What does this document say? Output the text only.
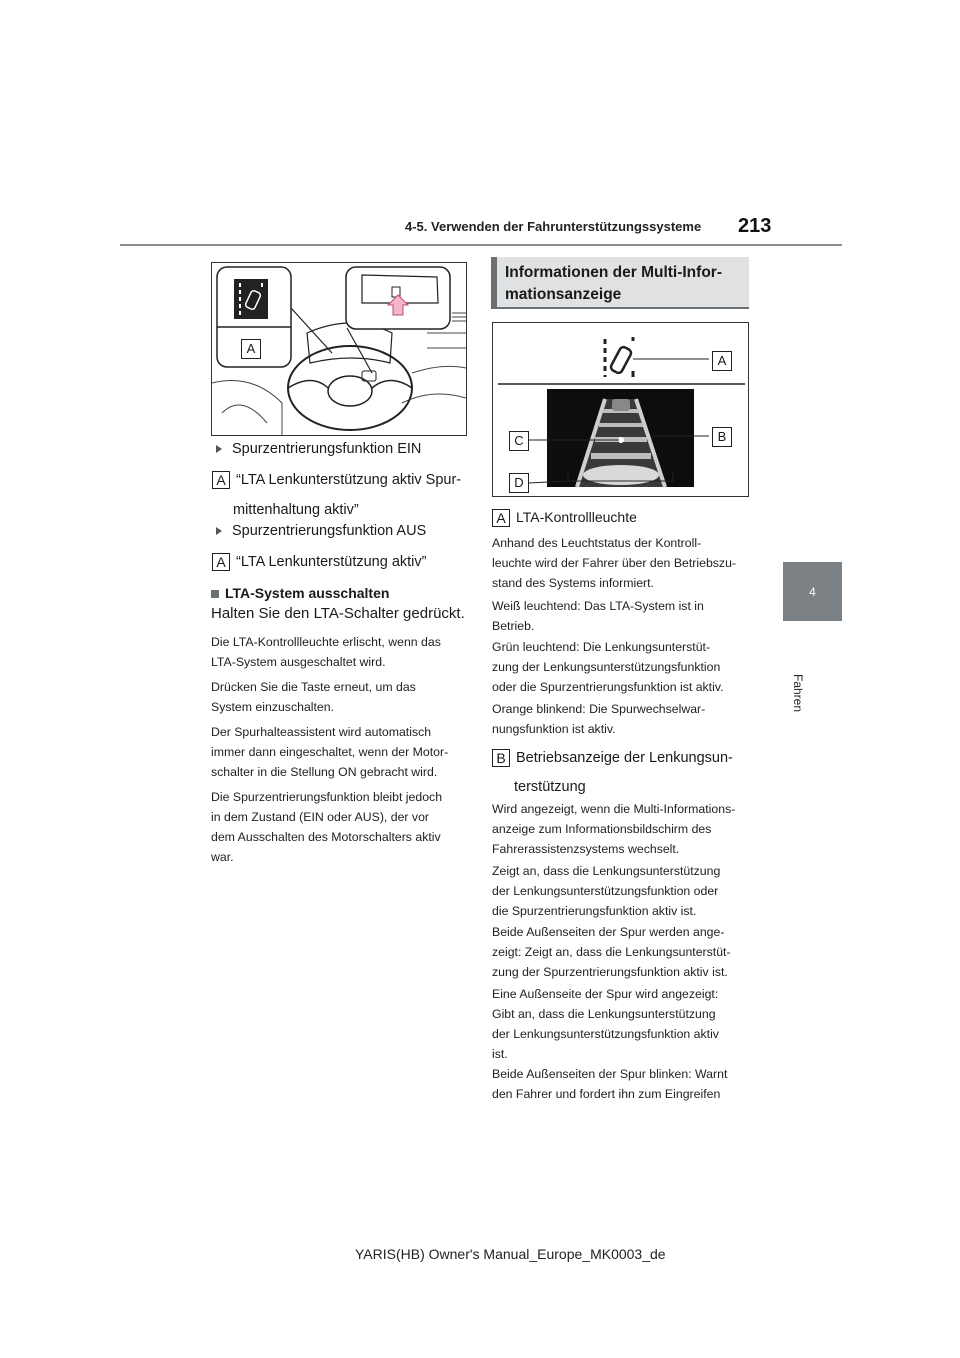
4-5. Verwenden der Fahrunterstützungssysteme 213
4
Fahren
A
Spurzentrierungsfunktion EIN
A “LTA Lenkunterstützung aktiv Spur-
mittenhaltung aktiv”
Spurzentrierungsfunktion AUS
A “LTA Lenkunterstützung aktiv”
LTA-System ausschalten
Halten Sie den LTA-Schalter gedrückt.
Die LTA-Kontrollleuchte erlischt, wenn das
LTA-System ausgeschaltet wird.
Drücken Sie die Taste erneut, um das
System einzuschalten.
Der Spurhalteassistent wird automatisch
immer dann eingeschaltet, wenn der Motor-
schalter in die Stellung ON gebracht wird.
Die Spurzentrierungsfunktion bleibt jedoch
in dem Zustand (EIN oder AUS), der vor
dem Ausschalten des Motorschalters aktiv
war.
Informationen der Multi-Infor-
mationsanzeige
A
B
C
D
A LTA-Kontrollleuchte
Anhand des Leuchtstatus der Kontroll-
leuchte wird der Fahrer über den Betriebszu-
stand des Systems informiert.
Weiß leuchtend: Das LTA-System ist in
Betrieb.
Grün leuchtend: Die Lenkungsunterstüt-
zung der Lenkungsunterstützungsfunktion
oder die Spurzentrierungsfunktion ist aktiv.
Orange blinkend: Die Spurwechselwar-
nungsfunktion ist aktiv.
B Betriebsanzeige der Lenkungsun-
terstützung
Wird angezeigt, wenn die Multi-Informations-
anzeige zum Informationsbildschirm des
Fahrerassistenzsystems wechselt.
Zeigt an, dass die Lenkungsunterstützung
der Lenkungsunterstützungsfunktion oder
die Spurzentrierungsfunktion aktiv ist.
Beide Außenseiten der Spur werden ange-
zeigt: Zeigt an, dass die Lenkungsunterstüt-
zung der Spurzentrierungsfunktion aktiv ist.
Eine Außenseite der Spur wird angezeigt:
Gibt an, dass die Lenkungsunterstützung
der Lenkungsunterstützungsfunktion aktiv
ist.
Beide Außenseiten der Spur blinken: Warnt
den Fahrer und fordert ihn zum Eingreifen
YARIS(HB) Owner's Manual_Europe_MK0003_de
